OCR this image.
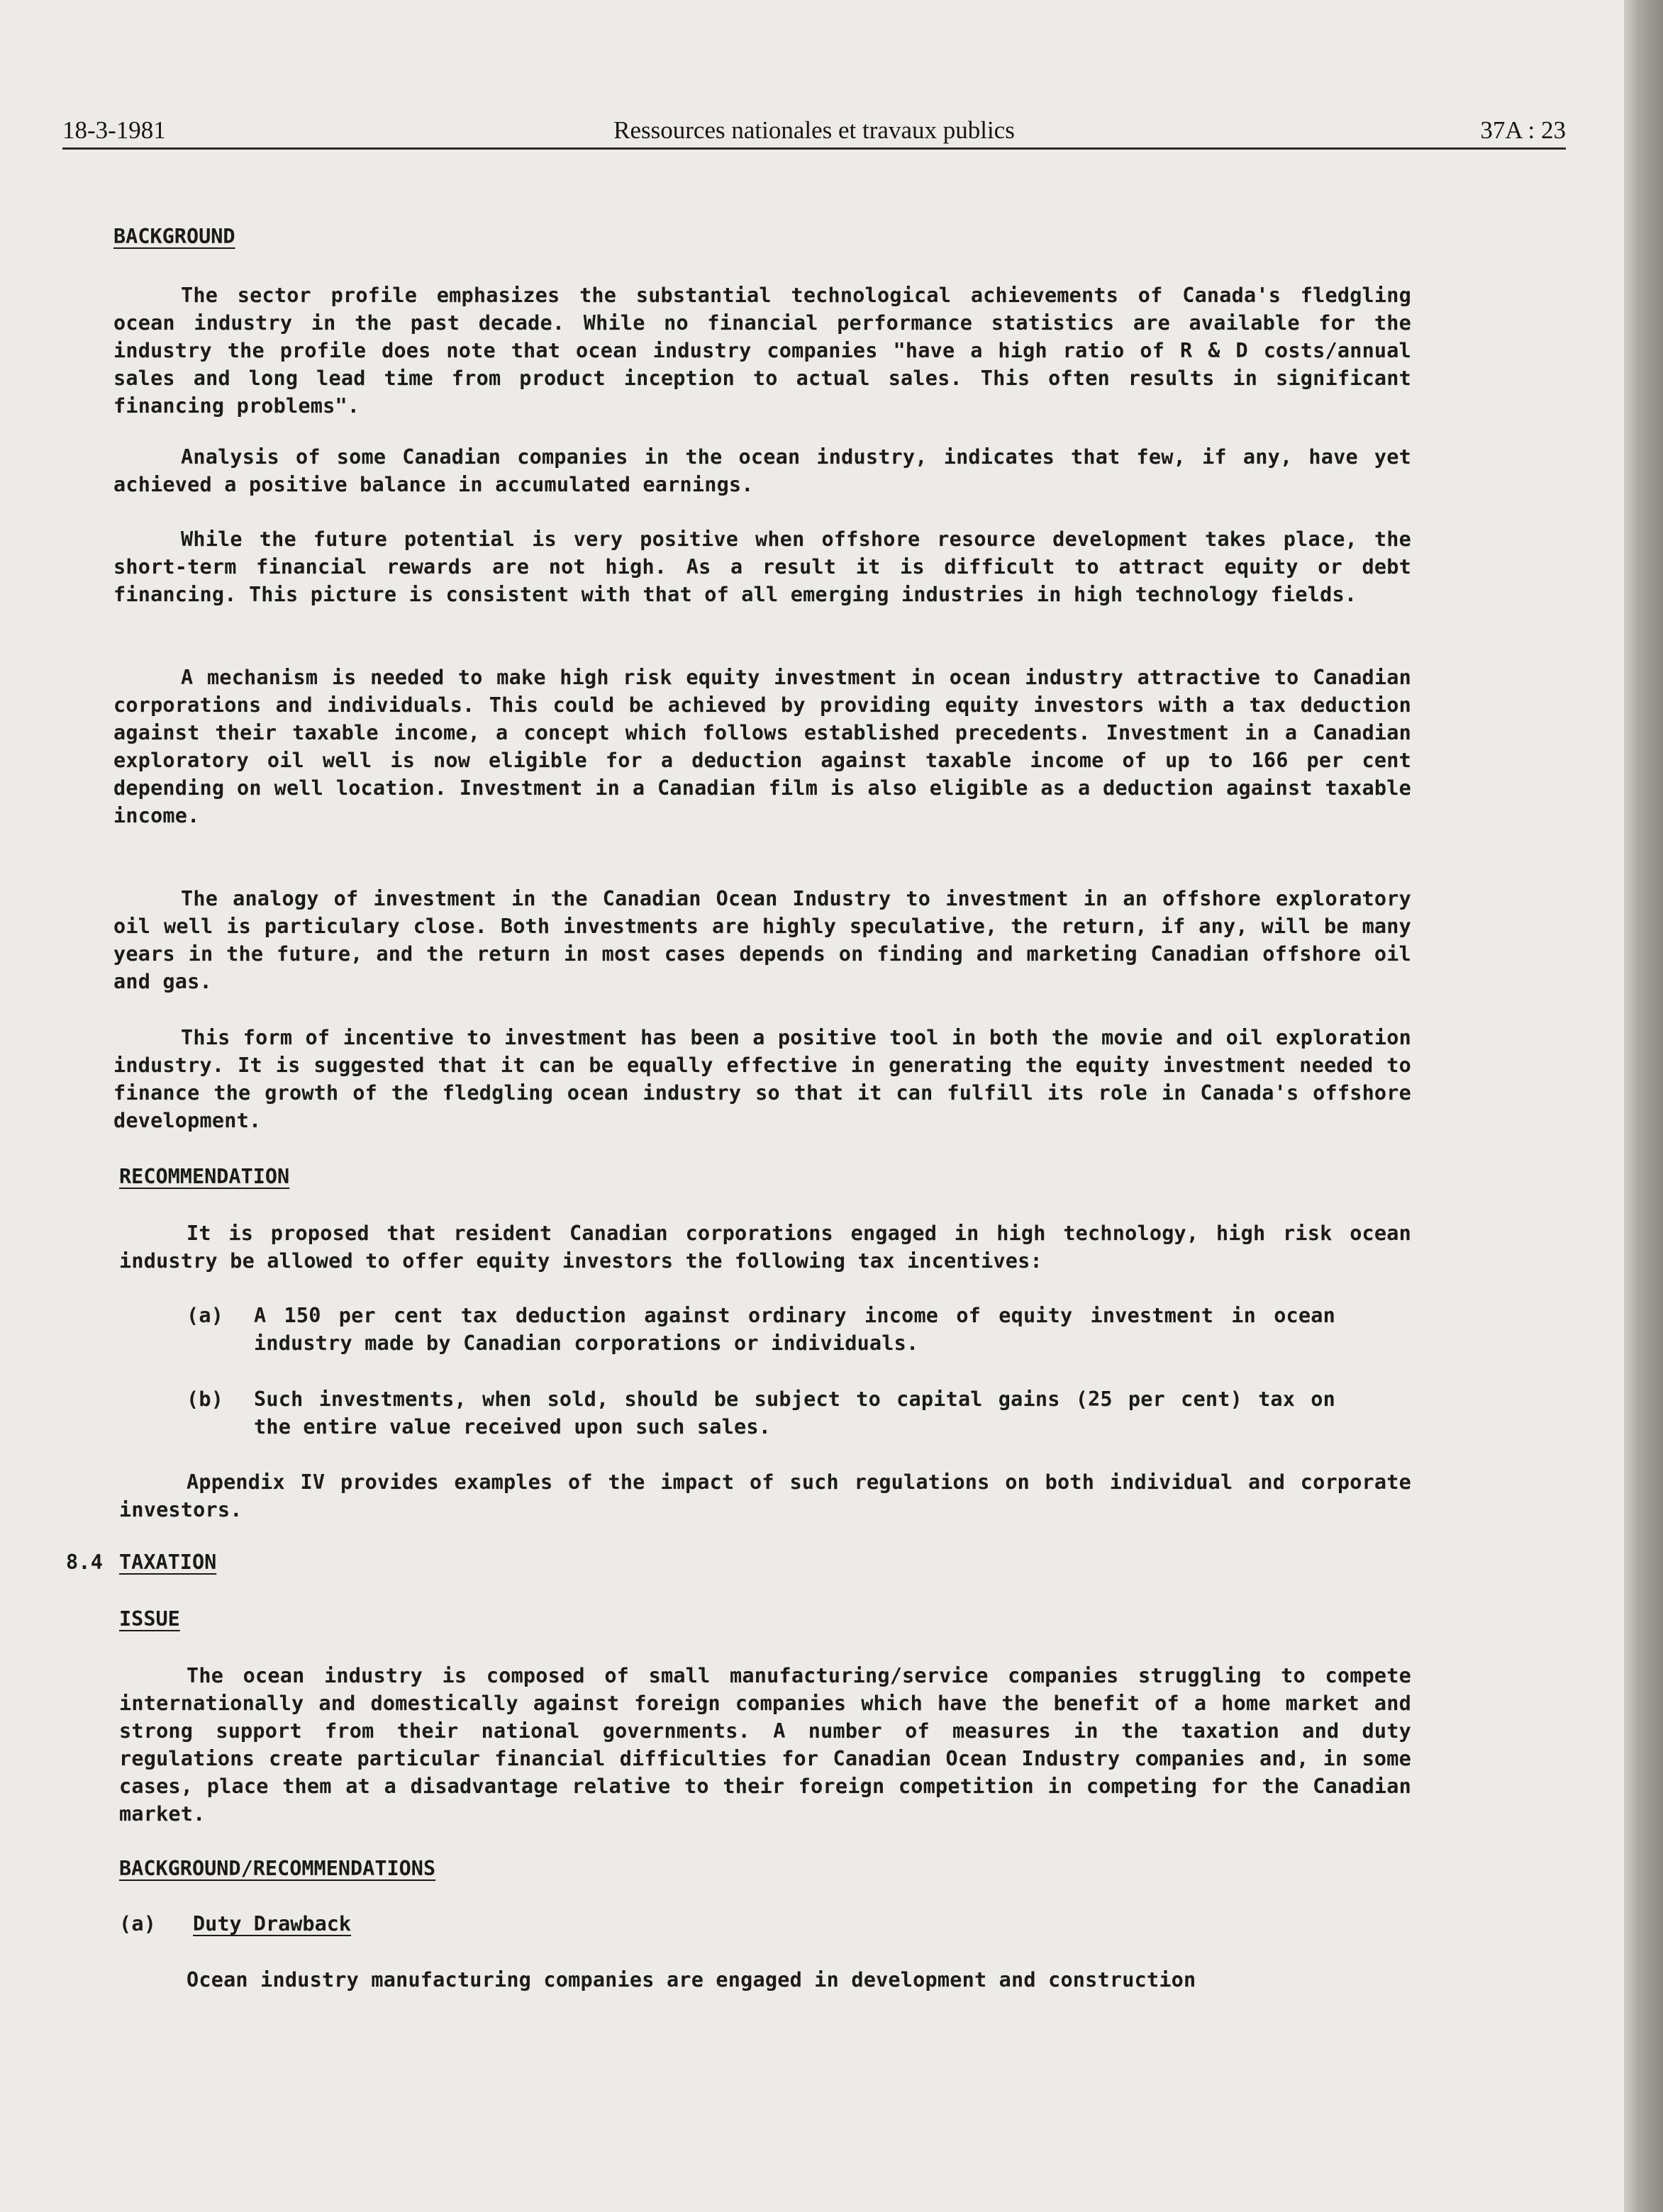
18-3-1981	Ressources nationales et travaux publics	37A : 23

BACKGROUND

The sector profile emphasizes the substantial technological achievements of Canada's fledgling ocean industry in the past decade. While no financial performance statistics are available for the industry the profile does note that ocean industry companies "have a high ratio of R & D costs/annual sales and long lead time from product inception to actual sales. This often results in significant financing problems".

Analysis of some Canadian companies in the ocean industry, indicates that few, if any, have yet achieved a positive balance in accumulated earnings.

While the future potential is very positive when offshore resource development takes place, the short-term financial rewards are not high. As a result it is difficult to attract equity or debt financing. This picture is consistent with that of all emerging industries in high technology fields.

A mechanism is needed to make high risk equity investment in ocean industry attractive to Canadian corporations and individuals. This could be achieved by providing equity investors with a tax deduction against their taxable income, a concept which follows established precedents. Investment in a Canadian exploratory oil well is now eligible for a deduction against taxable income of up to 166 per cent depending on well location. Investment in a Canadian film is also eligible as a deduction against taxable income.

The analogy of investment in the Canadian Ocean Industry to investment in an offshore exploratory oil well is particulary close. Both investments are highly speculative, the return, if any, will be many years in the future, and the return in most cases depends on finding and marketing Canadian offshore oil and gas.

This form of incentive to investment has been a positive tool in both the movie and oil exploration industry. It is suggested that it can be equally effective in generating the equity investment needed to finance the growth of the fledgling ocean industry so that it can fulfill its role in Canada's offshore development.

RECOMMENDATION

It is proposed that resident Canadian corporations engaged in high technology, high risk ocean industry be allowed to offer equity investors the following tax incentives:

(a) A 150 per cent tax deduction against ordinary income of equity investment in ocean industry made by Canadian corporations or individuals.
(b) Such investments, when sold, should be subject to capital gains (25 per cent) tax on the entire value received upon such sales.

Appendix IV provides examples of the impact of such regulations on both individual and corporate investors.

8.4 TAXATION

ISSUE

The ocean industry is composed of small manufacturing/service companies struggling to compete internationally and domestically against foreign companies which have the benefit of a home market and strong support from their national governments. A number of measures in the taxation and duty regulations create particular financial difficulties for Canadian Ocean Industry companies and, in some cases, place them at a disadvantage relative to their foreign competition in competing for the Canadian market.

BACKGROUND/RECOMMENDATIONS

(a) Duty Drawback

Ocean industry manufacturing companies are engaged in development and construction
